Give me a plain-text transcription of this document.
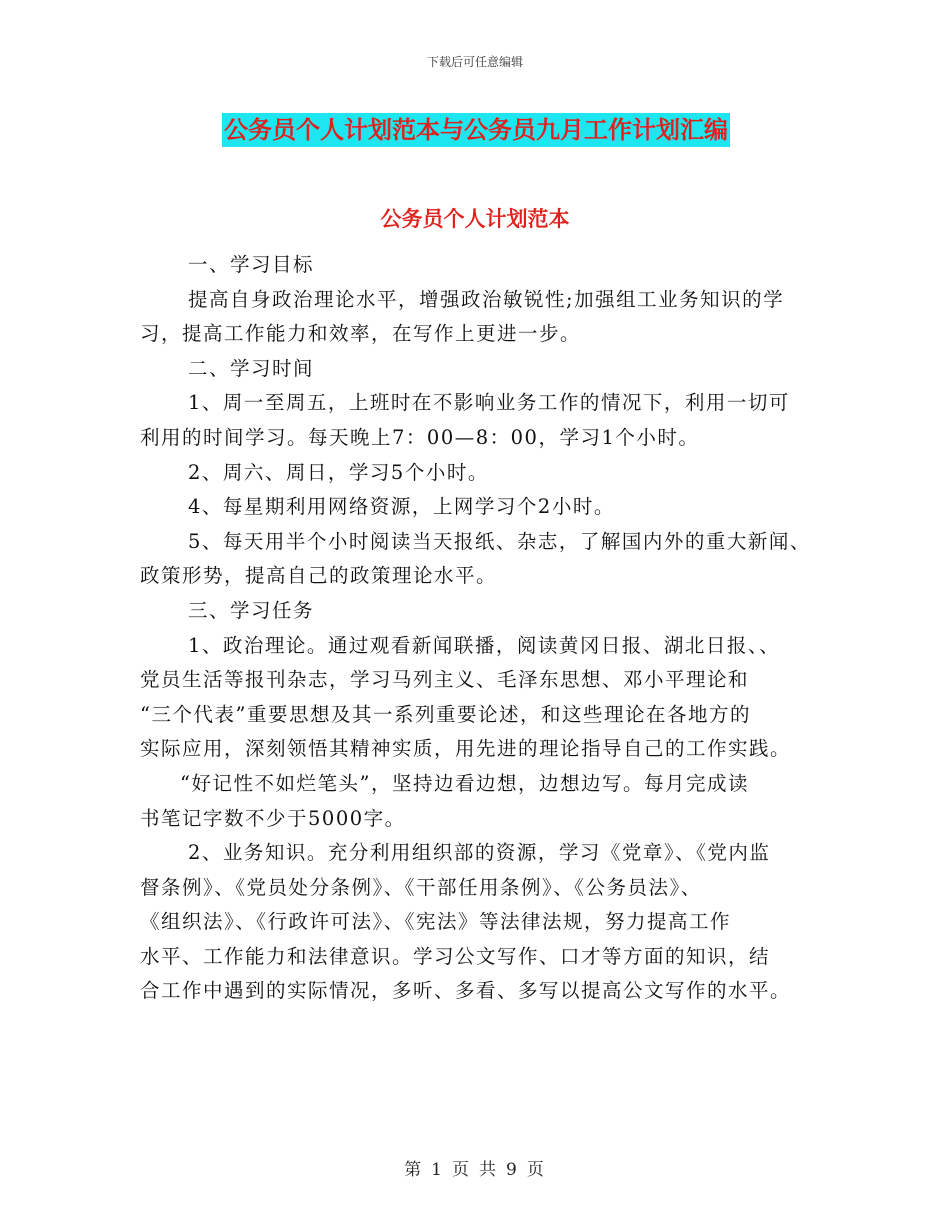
下载后可任意编辑
公务员个人计划范本与公务员九月工作计划汇编
公务员个人计划范本
一、学习目标
提高自身政治理论水平，增强政治敏锐性;加强组工业务知识的学
习，提高工作能力和效率，在写作上更进一步。
二、学习时间
1、周一至周五，上班时在不影响业务工作的情况下，利用一切可
利用的时间学习。每天晚上7：00—8：00，学习1个小时。
2、周六、周日，学习5个小时。
4、每星期利用网络资源，上网学习个2小时。
5、每天用半个小时阅读当天报纸、杂志，了解国内外的重大新闻、
政策形势，提高自己的政策理论水平。
三、学习任务
1、政治理论。通过观看新闻联播，阅读黄冈日报、湖北日报、、
党员生活等报刊杂志，学习马列主义、毛泽东思想、邓小平理论和
“三个代表”重要思想及其一系列重要论述，和这些理论在各地方的
实际应用，深刻领悟其精神实质，用先进的理论指导自己的工作实践。
“好记性不如烂笔头”，坚持边看边想，边想边写。每月完成读
书笔记字数不少于5000字。
2、业务知识。充分利用组织部的资源，学习《党章》、《党内监
督条例》、《党员处分条例》、《干部任用条例》、《公务员法》、
《组织法》、《行政许可法》、《宪法》等法律法规，努力提高工作
水平、工作能力和法律意识。学习公文写作、口才等方面的知识，结
合工作中遇到的实际情况，多听、多看、多写以提高公文写作的水平。
第 1 页 共 9 页
